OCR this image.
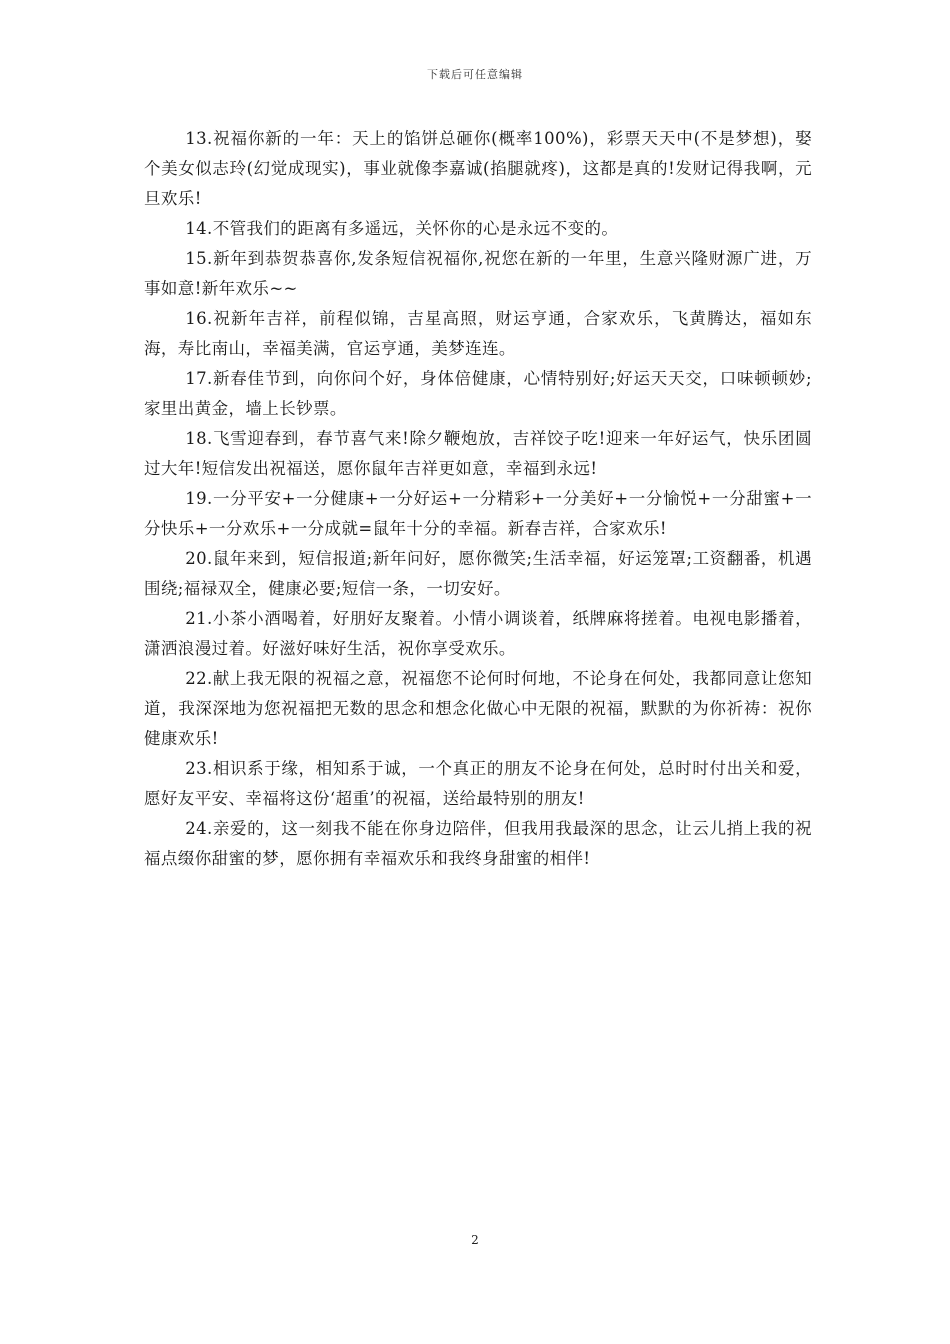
下载后可任意编辑

13.祝福你新的一年：天上的馅饼总砸你(概率100%)，彩票天天中(不是梦想)，娶个美女似志玲(幻觉成现实)，事业就像李嘉诚(掐腿就疼)，这都是真的!发财记得我啊，元旦欢乐!

14.不管我们的距离有多遥远，关怀你的心是永远不变的。

15.新年到恭贺恭喜你,发条短信祝福你,祝您在新的一年里，生意兴隆财源广进，万事如意!新年欢乐~~

16.祝新年吉祥，前程似锦，吉星高照，财运亨通，合家欢乐，飞黄腾达，福如东海，寿比南山，幸福美满，官运亨通，美梦连连。

17.新春佳节到，向你问个好，身体倍健康，心情特别好;好运天天交，口味顿顿妙;家里出黄金，墙上长钞票。

18.飞雪迎春到，春节喜气来!除夕鞭炮放，吉祥饺子吃!迎来一年好运气，快乐团圆过大年!短信发出祝福送，愿你鼠年吉祥更如意，幸福到永远!

19.一分平安+一分健康+一分好运+一分精彩+一分美好+一分愉悦+一分甜蜜+一分快乐+一分欢乐+一分成就=鼠年十分的幸福。新春吉祥，合家欢乐!

20.鼠年来到，短信报道;新年问好，愿你微笑;生活幸福，好运笼罩;工资翻番，机遇围绕;福禄双全，健康必要;短信一条，一切安好。

21.小茶小酒喝着，好朋好友聚着。小情小调谈着，纸牌麻将搓着。电视电影播着，潇洒浪漫过着。好滋好味好生活，祝你享受欢乐。

22.献上我无限的祝福之意，祝福您不论何时何地，不论身在何处，我都同意让您知道，我深深地为您祝福把无数的思念和想念化做心中无限的祝福，默默的为你祈祷：祝你健康欢乐!

23.相识系于缘，相知系于诚，一个真正的朋友不论身在何处，总时时付出关和爱，愿好友平安、幸福将这份‘超重’的祝福，送给最特别的朋友!

24.亲爱的，这一刻我不能在你身边陪伴，但我用我最深的思念，让云儿捎上我的祝福点缀你甜蜜的梦，愿你拥有幸福欢乐和我终身甜蜜的相伴!

2
